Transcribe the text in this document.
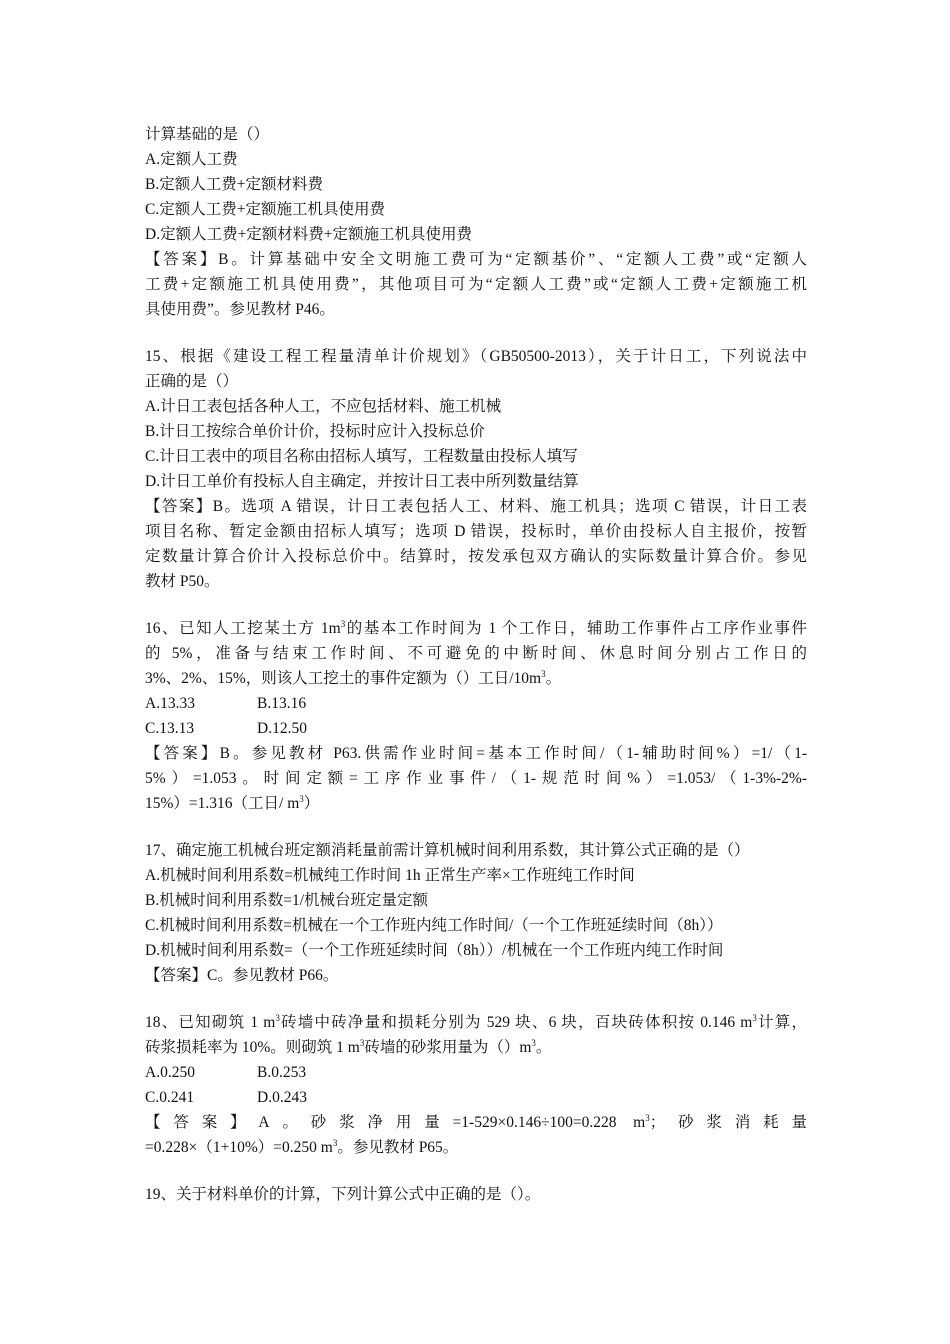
计算基础的是（）
A.定额人工费
B.定额人工费+定额材料费
C.定额人工费+定额施工机具使用费
D.定额人工费+定额材料费+定额施工机具使用费
【答案】B。计算基础中安全文明施工费可为“定额基价”、“定额人工费”或“定额人
工费+定额施工机具使用费”，其他项目可为“定额人工费”或“定额人工费+定额施工机
具使用费”。参见教材 P46。
15、根据《建设工程工程量清单计价规划》（GB50500-2013），关于计日工，下列说法中
正确的是（）
A.计日工表包括各种人工，不应包括材料、施工机械
B.计日工按综合单价计价，投标时应计入投标总价
C.计日工表中的项目名称由招标人填写，工程数量由投标人填写
D.计日工单价有投标人自主确定，并按计日工表中所列数量结算
【答案】B。选项 A 错误，计日工表包括人工、材料、施工机具；选项 C 错误，计日工表
项目名称、暂定金额由招标人填写；选项 D 错误，投标时，单价由投标人自主报价，按暂
定数量计算合价计入投标总价中。结算时，按发承包双方确认的实际数量计算合价。参见
教材 P50。
16、已知人工挖某土方 $1m^3$的基本工作时间为 1 个工作日，辅助工作事件占工序作业事件
的 5%，准备与结束工作时间、不可避免的中断时间、休息时间分别占工作日的
3%、2%、15%，则该人工挖土的事件定额为（）工日$/10m^3$。
A.13.33	B.13.16
C.13.13	D.12.50
【答案】B。参见教材 P63.供需作业时间=基本工作时间/（1-辅助时间%）=1/（1-
5%）=1.053。时间定额=工序作业事件/（1-规范时间%）=1.053/（1-3%-2%-
15%）=1.316（工日/ $m^3$）
17、确定施工机械台班定额消耗量前需计算机械时间利用系数，其计算公式正确的是（）
A.机械时间利用系数=机械纯工作时间 1h 正常生产率×工作班纯工作时间
B.机械时间利用系数=1/机械台班定量定额
C.机械时间利用系数=机械在一个工作班内纯工作时间/（一个工作班延续时间（8h））
D.机械时间利用系数=（一个工作班延续时间（8h））/机械在一个工作班内纯工作时间
【答案】C。参见教材 P66。
18、已知砌筑 1 $m^3$砖墙中砖净量和损耗分别为 529 块、6 块，百块砖体积按 0.146 $m^3$计算，
砖浆损耗率为 10%。则砌筑 1 $m^3$砖墙的砂浆用量为$()m^3$。
A.0.250	B.0.253
C.0.241	D.0.243
【答案】A。砂浆净用量=1-529×0.146÷100=0.228 $m^3$；砂浆消耗量
=0.228×（1+10%）=0.250 $m^3$。参见教材 P65。
19、关于材料单价的计算，下列计算公式中正确的是（）。
